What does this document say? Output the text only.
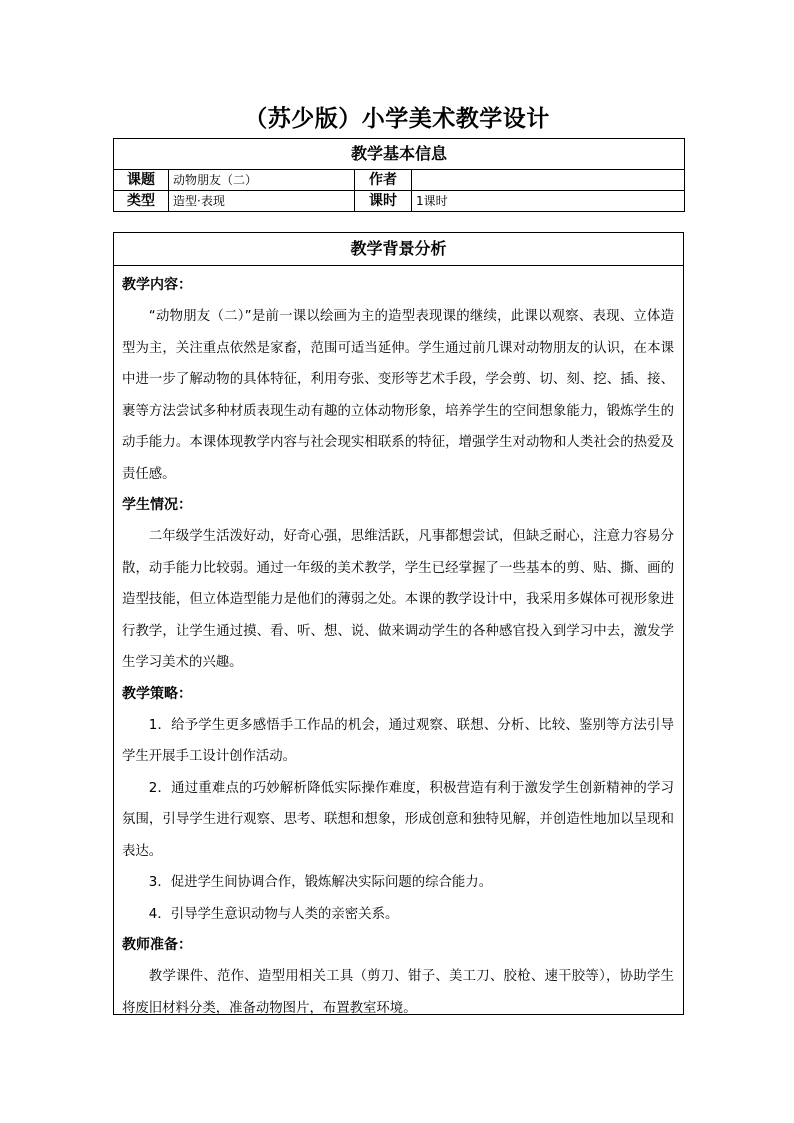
（苏少版）小学美术教学设计
教学基本信息			
课题	动物朋友（二）	作者	
类型	造型·表现	课时	1课时
教学背景分析
教学内容：

“动物朋友（二）”是前一课以绘画为主的造型表现课的继续，此课以观察、表现、立体造型为主，关注重点依然是家畜，范围可适当延伸。学生通过前几课对动物朋友的认识，在本课中进一步了解动物的具体特征，利用夸张、变形等艺术手段，学会剪、切、刻、挖、插、接、裹等方法尝试多种材质表现生动有趣的立体动物形象，培养学生的空间想象能力，锻炼学生的动手能力。本课体现教学内容与社会现实相联系的特征，增强学生对动物和人类社会的热爱及责任感。

学生情况：

二年级学生活泼好动，好奇心强，思维活跃，凡事都想尝试，但缺乏耐心，注意力容易分散，动手能力比较弱。通过一年级的美术教学，学生已经掌握了一些基本的剪、贴、撕、画的造型技能，但立体造型能力是他们的薄弱之处。本课的教学设计中，我采用多媒体可视形象进行教学，让学生通过摸、看、听、想、说、做来调动学生的各种感官投入到学习中去，激发学生学习美术的兴趣。

教学策略：

1．给予学生更多感悟手工作品的机会，通过观察、联想、分析、比较、鉴别等方法引导学生开展手工设计创作活动。

2．通过重难点的巧妙解析降低实际操作难度，积极营造有利于激发学生创新精神的学习氛围，引导学生进行观察、思考、联想和想象，形成创意和独特见解，并创造性地加以呈现和表达。

3．促进学生间协调合作，锻炼解决实际问题的综合能力。

4．引导学生意识动物与人类的亲密关系。

教师准备：

教学课件、范作、造型用相关工具（剪刀、钳子、美工刀、胶枪、速干胶等），协助学生将废旧材料分类，准备动物图片，布置教室环境。
